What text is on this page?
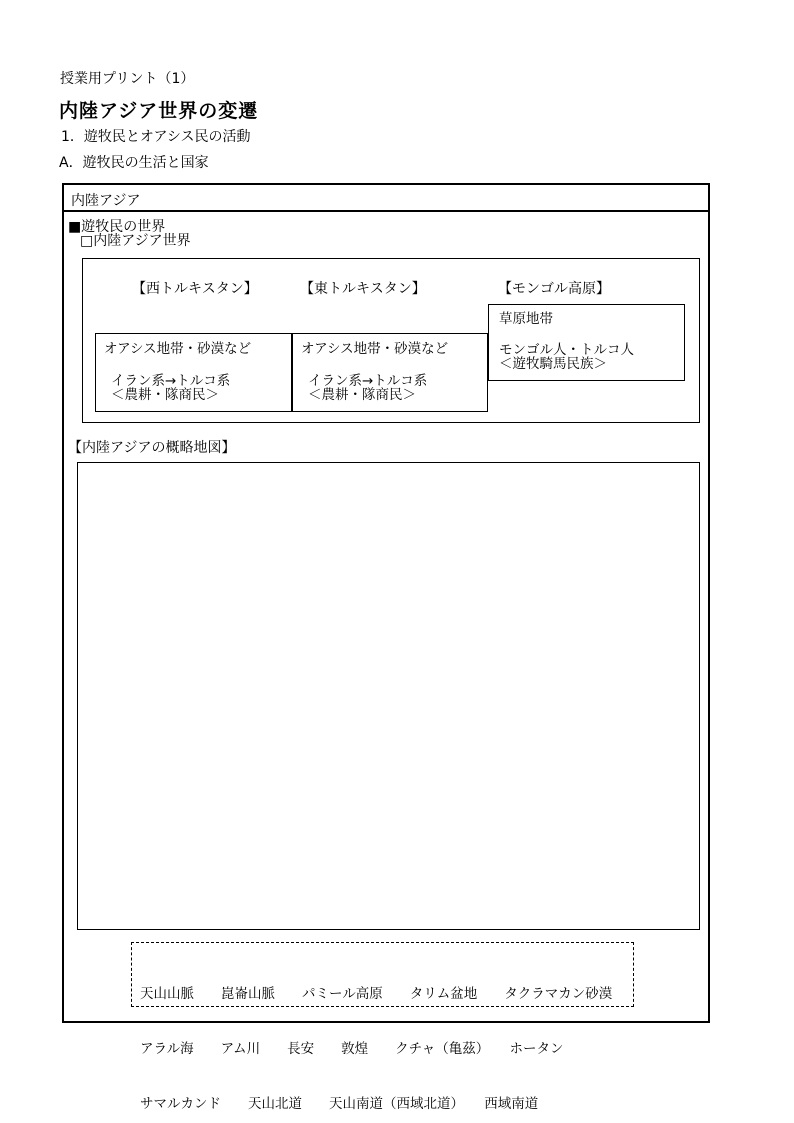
授業用プリント（1）
内陸アジア世界の変遷
1．遊牧民とオアシス民の活動
A．遊牧民の生活と国家

内陸アジア

■遊牧民の世界

□内陸アジア世界

【西トルキスタン】

	【東トルキスタン】

	【モンゴル高原】

草原地帯

モンゴル人・トルコ人

＜遊牧騎馬民族＞

オアシス地帯・砂漠など

イラン系→トルコ系

＜農耕・隊商民＞

オアシス地帯・砂漠など

イラン系→トルコ系

＜農耕・隊商民＞

【内陸アジアの概略地図】

天山山脈　　崑崙山脈　　パミール高原　　タリム盆地　　タクラマカン砂漠

アラル海　　アム川　　長安　　敦煌　　クチャ（亀茲）　　ホータン

サマルカンド　　天山北道　　天山南道（西域北道）　　西域南道
